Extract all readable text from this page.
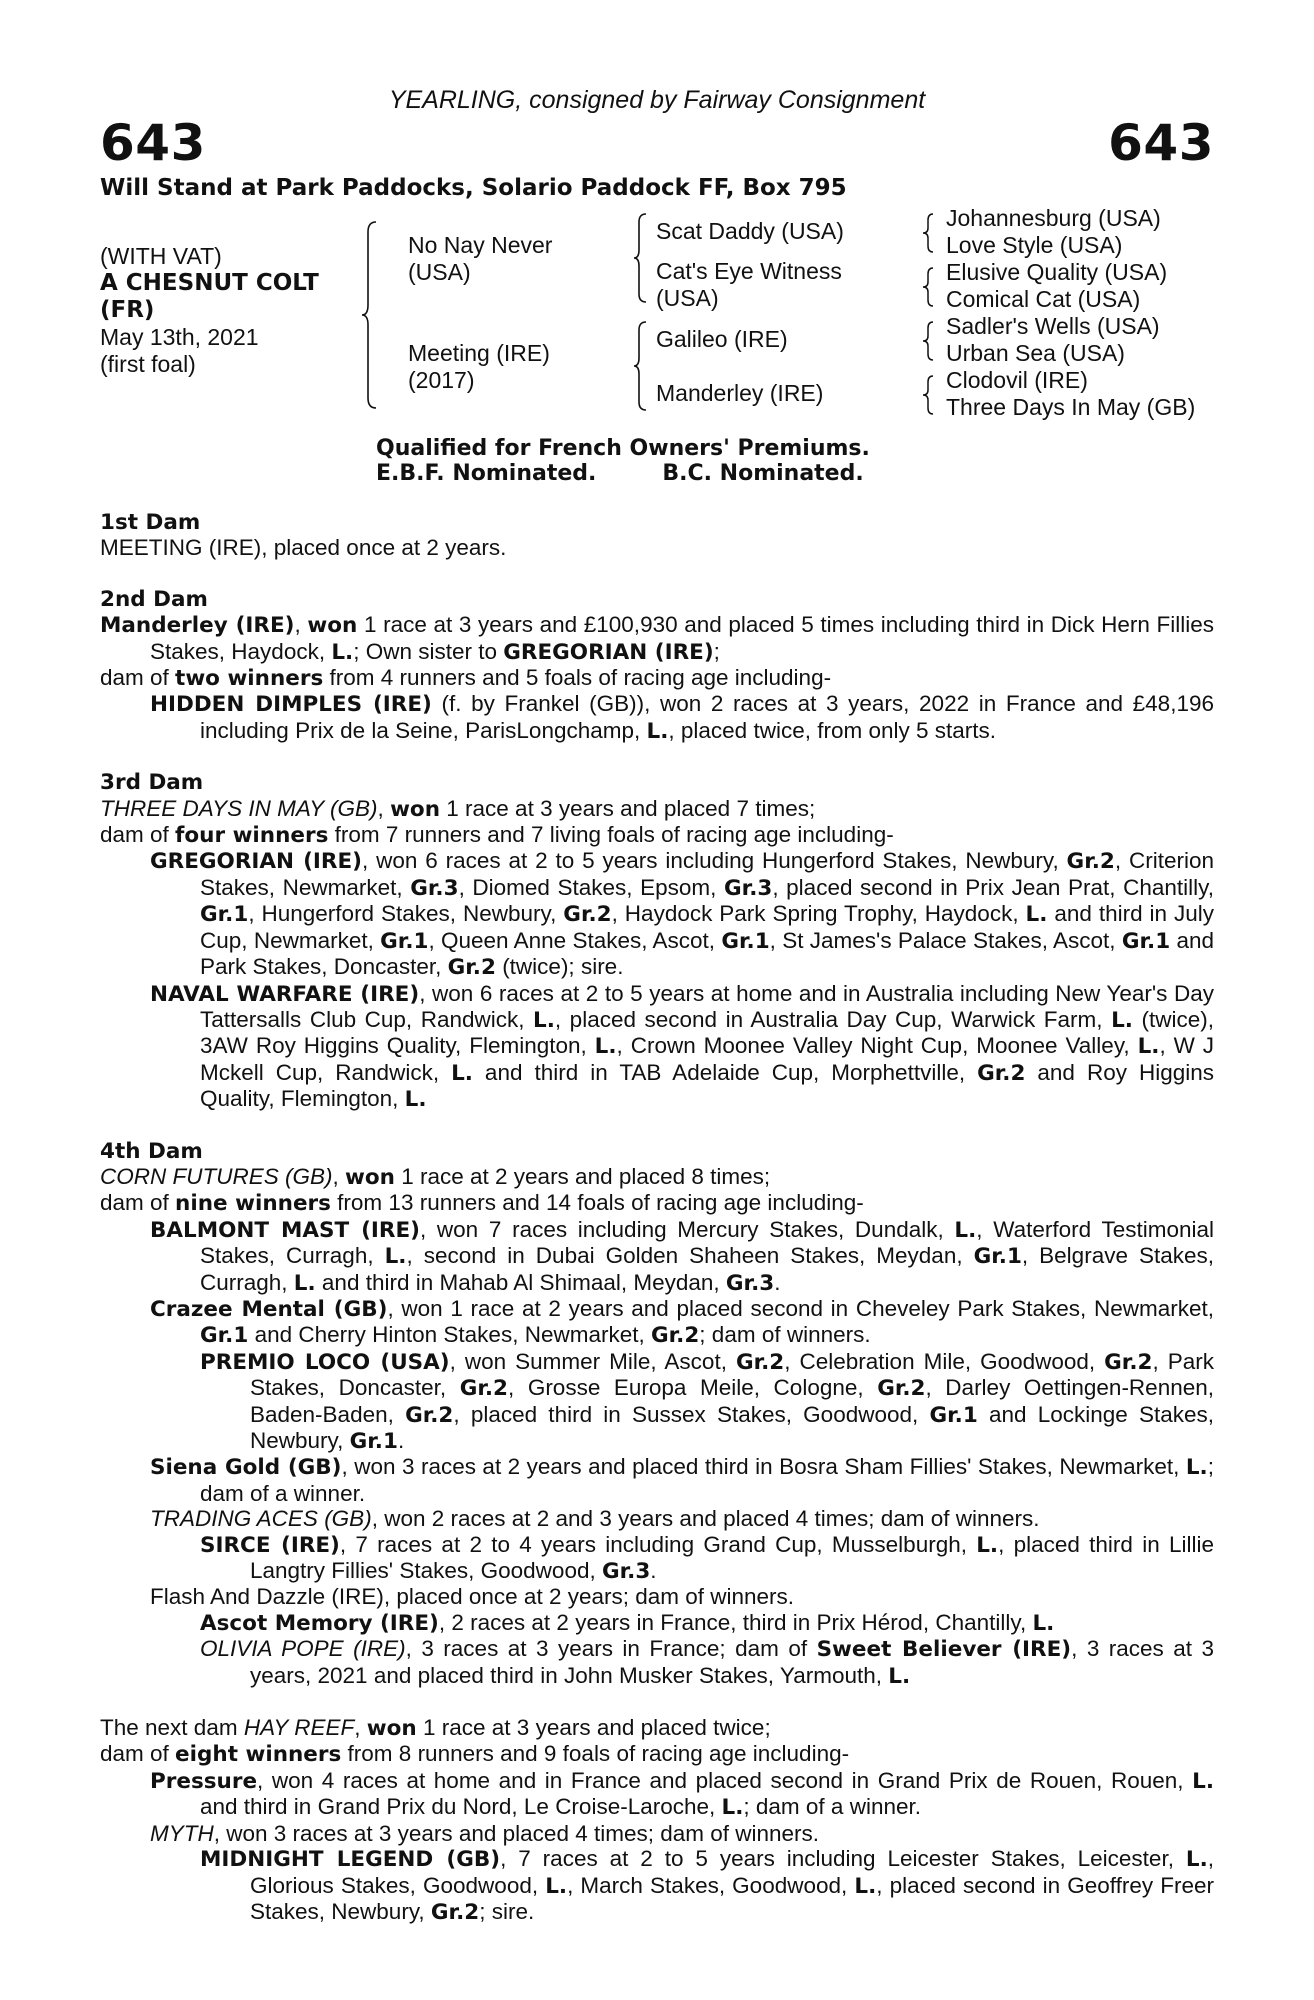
YEARLING, consigned by Fairway Consignment
643	643
Will Stand at Park Paddocks, Solario Paddock FF, Box 795
(WITH VAT)
A CHESNUT COLT
(FR)
May 13th, 2021
(first foal)
No Nay Never
(USA)
Meeting (IRE)
(2017)
Scat Daddy (USA)
Cat's Eye Witness
(USA)
Galileo (IRE)
Manderley (IRE)
Johannesburg (USA)
Love Style (USA)
Elusive Quality (USA)
Comical Cat (USA)
Sadler's Wells (USA)
Urban Sea (USA)
Clodovil (IRE)
Three Days In May (GB)
Qualified for French Owners' Premiums.
E.B.F. Nominated.	B.C. Nominated.

1st Dam

MEETING (IRE), placed once at 2 years.

2nd Dam

Manderley (IRE), won 1 race at 3 years and £100,930 and placed 5 times including third in Dick Hern Fillies Stakes, Haydock, L.; Own sister to GREGORIAN (IRE);

dam of two winners from 4 runners and 5 foals of racing age including-

HIDDEN DIMPLES (IRE) (f. by Frankel (GB)), won 2 races at 3 years, 2022 in France and £48,196 including Prix de la Seine, ParisLongchamp, L., placed twice, from only 5 starts.

3rd Dam

THREE DAYS IN MAY (GB), won 1 race at 3 years and placed 7 times;

dam of four winners from 7 runners and 7 living foals of racing age including-

GREGORIAN (IRE), won 6 races at 2 to 5 years including Hungerford Stakes, Newbury, Gr.2, Criterion Stakes, Newmarket, Gr.3, Diomed Stakes, Epsom, Gr.3, placed second in Prix Jean Prat, Chantilly, Gr.1, Hungerford Stakes, Newbury, Gr.2, Haydock Park Spring Trophy, Haydock, L. and third in July Cup, Newmarket, Gr.1, Queen Anne Stakes, Ascot, Gr.1, St James's Palace Stakes, Ascot, Gr.1 and Park Stakes, Doncaster, Gr.2 (twice); sire.

NAVAL WARFARE (IRE), won 6 races at 2 to 5 years at home and in Australia including New Year's Day Tattersalls Club Cup, Randwick, L., placed second in Australia Day Cup, Warwick Farm, L. (twice), 3AW Roy Higgins Quality, Flemington, L., Crown Moonee Valley Night Cup, Moonee Valley, L., W J Mckell Cup, Randwick, L. and third in TAB Adelaide Cup, Morphettville, Gr.2 and Roy Higgins Quality, Flemington, L.

4th Dam

CORN FUTURES (GB), won 1 race at 2 years and placed 8 times;

dam of nine winners from 13 runners and 14 foals of racing age including-

BALMONT MAST (IRE), won 7 races including Mercury Stakes, Dundalk, L., Waterford Testimonial Stakes, Curragh, L., second in Dubai Golden Shaheen Stakes, Meydan, Gr.1, Belgrave Stakes, Curragh, L. and third in Mahab Al Shimaal, Meydan, Gr.3.

Crazee Mental (GB), won 1 race at 2 years and placed second in Cheveley Park Stakes, Newmarket, Gr.1 and Cherry Hinton Stakes, Newmarket, Gr.2; dam of winners.

PREMIO LOCO (USA), won Summer Mile, Ascot, Gr.2, Celebration Mile, Goodwood, Gr.2, Park Stakes, Doncaster, Gr.2, Grosse Europa Meile, Cologne, Gr.2, Darley Oettingen-Rennen, Baden-Baden, Gr.2, placed third in Sussex Stakes, Goodwood, Gr.1 and Lockinge Stakes, Newbury, Gr.1.

Siena Gold (GB), won 3 races at 2 years and placed third in Bosra Sham Fillies' Stakes, Newmarket, L.; dam of a winner.

TRADING ACES (GB), won 2 races at 2 and 3 years and placed 4 times; dam of winners.

SIRCE (IRE), 7 races at 2 to 4 years including Grand Cup, Musselburgh, L., placed third in Lillie Langtry Fillies' Stakes, Goodwood, Gr.3.

Flash And Dazzle (IRE), placed once at 2 years; dam of winners.

Ascot Memory (IRE), 2 races at 2 years in France, third in Prix Hérod, Chantilly, L.

OLIVIA POPE (IRE), 3 races at 3 years in France; dam of Sweet Believer (IRE), 3 races at 3 years, 2021 and placed third in John Musker Stakes, Yarmouth, L.

The next dam HAY REEF, won 1 race at 3 years and placed twice;

dam of eight winners from 8 runners and 9 foals of racing age including-

Pressure, won 4 races at home and in France and placed second in Grand Prix de Rouen, Rouen, L. and third in Grand Prix du Nord, Le Croise-Laroche, L.; dam of a winner.

MYTH, won 3 races at 3 years and placed 4 times; dam of winners.

MIDNIGHT LEGEND (GB), 7 races at 2 to 5 years including Leicester Stakes, Leicester, L., Glorious Stakes, Goodwood, L., March Stakes, Goodwood, L., placed second in Geoffrey Freer Stakes, Newbury, Gr.2; sire.
